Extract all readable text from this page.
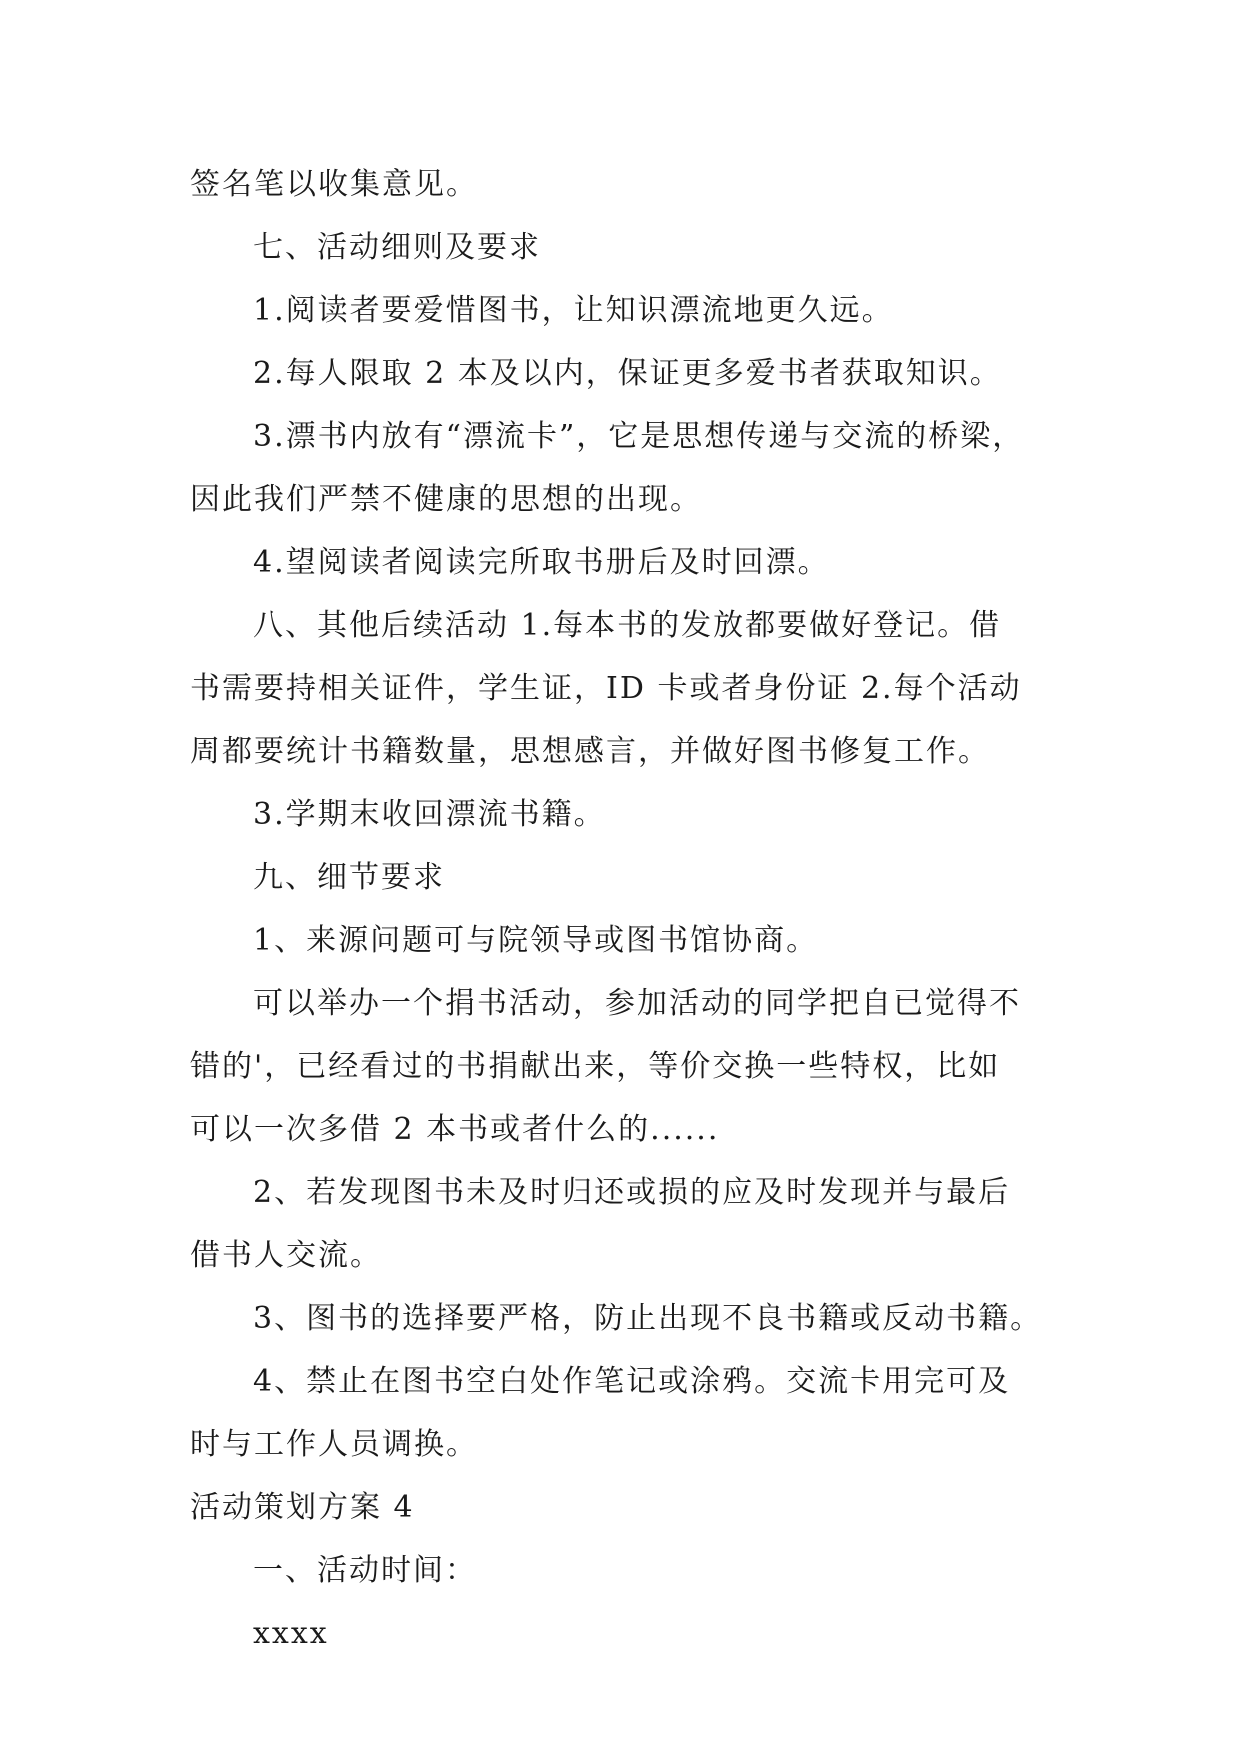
签名笔以收集意见。

七、活动细则及要求

1.阅读者要爱惜图书，让知识漂流地更久远。

2.每人限取 2 本及以内，保证更多爱书者获取知识。

3.漂书内放有“漂流卡”，它是思想传递与交流的桥梁，

因此我们严禁不健康的思想的出现。

4.望阅读者阅读完所取书册后及时回漂。

八、其他后续活动 1.每本书的发放都要做好登记。借

书需要持相关证件，学生证，ID 卡或者身份证 2.每个活动

周都要统计书籍数量，思想感言，并做好图书修复工作。

3.学期末收回漂流书籍。

九、细节要求

1、来源问题可与院领导或图书馆协商。

可以举办一个捐书活动，参加活动的同学把自已觉得不

错的'，已经看过的书捐献出来，等价交换一些特权，比如

可以一次多借 2 本书或者什么的......

2、若发现图书未及时归还或损的应及时发现并与最后

借书人交流。

3、图书的选择要严格，防止出现不良书籍或反动书籍。

4、禁止在图书空白处作笔记或涂鸦。交流卡用完可及

时与工作人员调换。

活动策划方案 4

一、活动时间：

xxxx
